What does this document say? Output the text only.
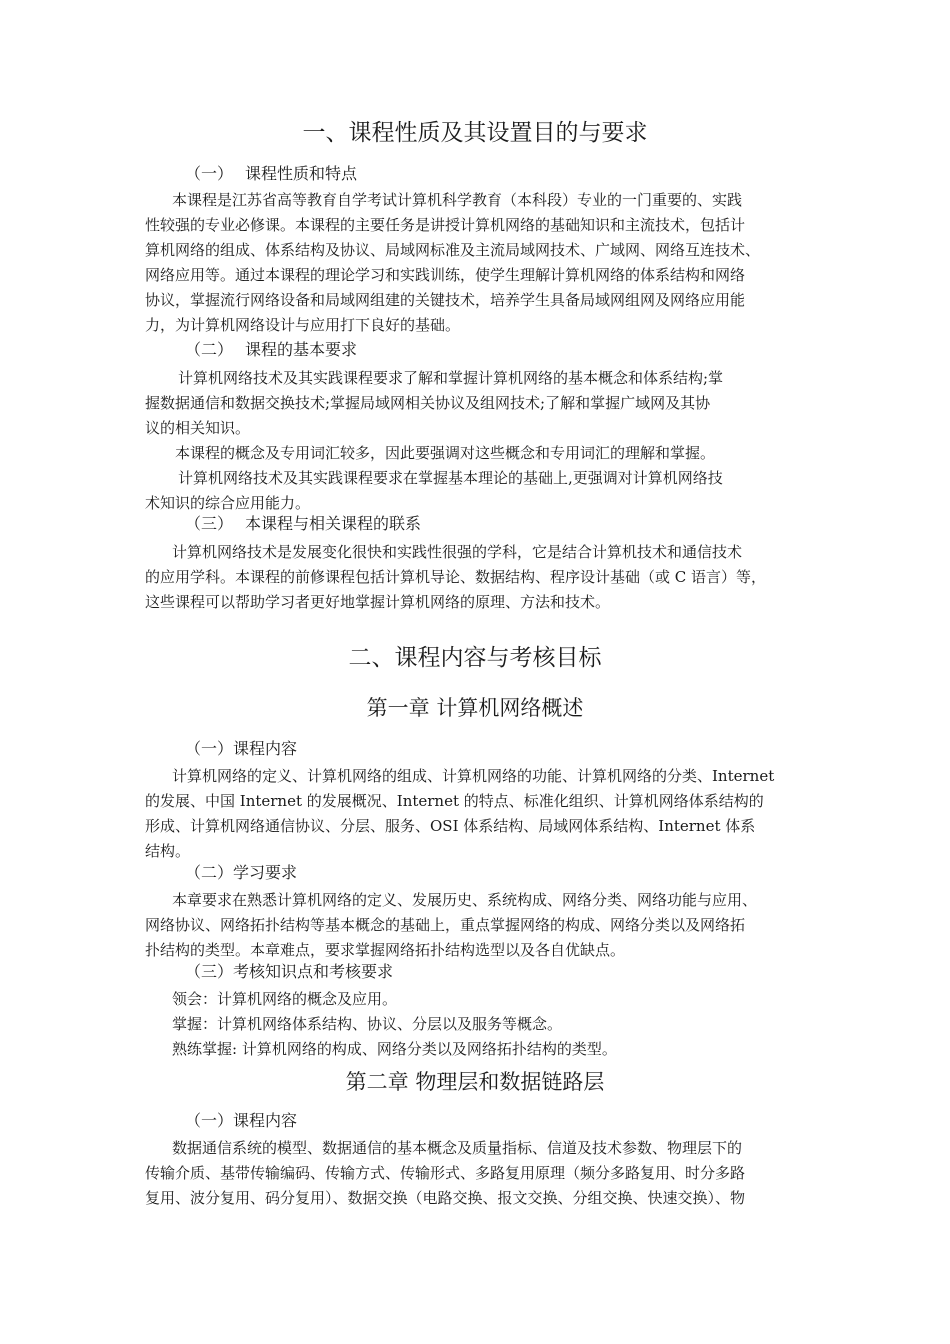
一、课程性质及其设置目的与要求
（一） 课程性质和特点
本课程是江苏省高等教育自学考试计算机科学教育（本科段）专业的一门重要的、实践
性较强的专业必修课。本课程的主要任务是讲授计算机网络的基础知识和主流技术，包括计
算机网络的组成、体系结构及协议、局域网标准及主流局域网技术、广域网、网络互连技术、
网络应用等。通过本课程的理论学习和实践训练，使学生理解计算机网络的体系结构和网络
协议，掌握流行网络设备和局域网组建的关键技术，培养学生具备局域网组网及网络应用能
力，为计算机网络设计与应用打下良好的基础。
（二） 课程的基本要求
计算机网络技术及其实践课程要求了解和掌握计算机网络的基本概念和体系结构;掌
握数据通信和数据交换技术;掌握局域网相关协议及组网技术;了解和掌握广域网及其协
议的相关知识。
本课程的概念及专用词汇较多，因此要强调对这些概念和专用词汇的理解和掌握。
计算机网络技术及其实践课程要求在掌握基本理论的基础上,更强调对计算机网络技
术知识的综合应用能力。
（三） 本课程与相关课程的联系
计算机网络技术是发展变化很快和实践性很强的学科，它是结合计算机技术和通信技术
的应用学科。本课程的前修课程包括计算机导论、数据结构、程序设计基础（或 C 语言）等，
这些课程可以帮助学习者更好地掌握计算机网络的原理、方法和技术。
二、课程内容与考核目标
第一章 计算机网络概述
（一）课程内容
计算机网络的定义、计算机网络的组成、计算机网络的功能、计算机网络的分类、Internet
的发展、中国 Internet 的发展概况、Internet 的特点、标准化组织、计算机网络体系结构的
形成、计算机网络通信协议、分层、服务、OSI 体系结构、局域网体系结构、Internet 体系
结构。
（二）学习要求
本章要求在熟悉计算机网络的定义、发展历史、系统构成、网络分类、网络功能与应用、
网络协议、网络拓扑结构等基本概念的基础上，重点掌握网络的构成、网络分类以及网络拓
扑结构的类型。本章难点，要求掌握网络拓扑结构选型以及各自优缺点。
（三）考核知识点和考核要求
领会：计算机网络的概念及应用。
掌握：计算机网络体系结构、协议、分层以及服务等概念。
熟练掌握: 计算机网络的构成、网络分类以及网络拓扑结构的类型。
第二章 物理层和数据链路层
（一）课程内容
数据通信系统的模型、数据通信的基本概念及质量指标、信道及技术参数、物理层下的
传输介质、基带传输编码、传输方式、传输形式、多路复用原理（频分多路复用、时分多路
复用、波分复用、码分复用）、数据交换（电路交换、报文交换、分组交换、快速交换）、物
